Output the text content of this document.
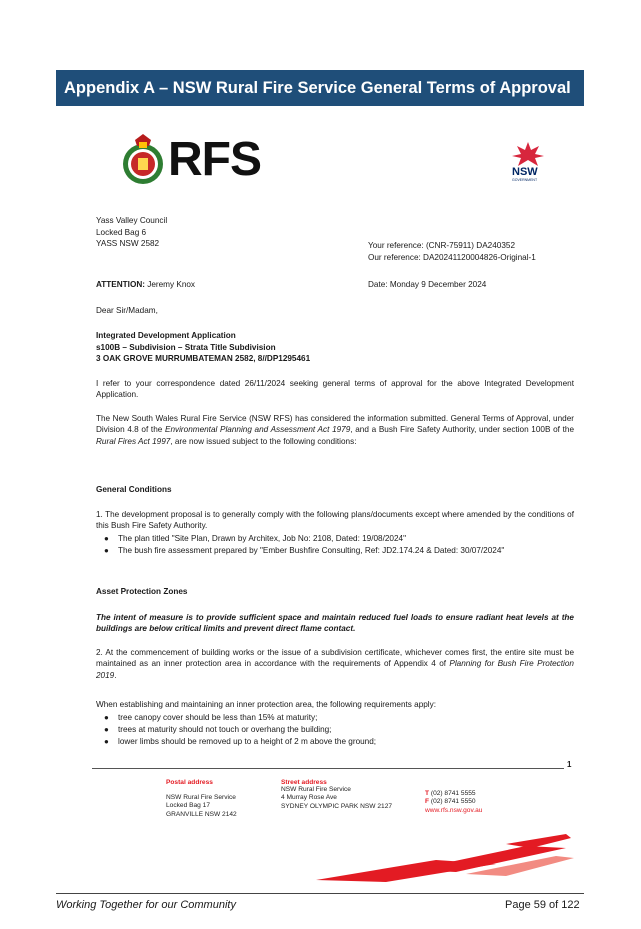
Appendix A – NSW Rural Fire Service General Terms of Approval
RFS	NSW
GOVERNMENT
Yass Valley Council
Locked Bag 6
YASS NSW 2582	Your reference: (CNR-75911) DA240352
Our reference: DA20241120004826-Original-1
ATTENTION: Jeremy Knox	Date: Monday 9 December 2024
Dear Sir/Madam,
Integrated Development Application
s100B – Subdivision – Strata Title Subdivision
3 OAK GROVE MURRUMBATEMAN 2582, 8//DP1295461
I refer to your correspondence dated 26/11/2024 seeking general terms of approval for the above Integrated Development Application.
The New South Wales Rural Fire Service (NSW RFS) has considered the information submitted. General Terms of Approval, under Division 4.8 of the Environmental Planning and Assessment Act 1979, and a Bush Fire Safety Authority, under section 100B of the Rural Fires Act 1997, are now issued subject to the following conditions:
General Conditions
1. The development proposal is to generally comply with the following plans/documents except where amended by the conditions of this Bush Fire Safety Authority.
● The plan titled "Site Plan, Drawn by Architex, Job No: 2108, Dated: 19/08/2024"
● The bush fire assessment prepared by "Ember Bushfire Consulting, Ref: JD2.174.24 & Dated: 30/07/2024"
Asset Protection Zones
The intent of measure is to provide sufficient space and maintain reduced fuel loads to ensure radiant heat levels at the buildings are below critical limits and prevent direct flame contact.
2. At the commencement of building works or the issue of a subdivision certificate, whichever comes first, the entire site must be maintained as an inner protection area in accordance with the requirements of Appendix 4 of Planning for Bush Fire Protection 2019.
When establishing and maintaining an inner protection area, the following requirements apply:
● tree canopy cover should be less than 15% at maturity;
● trees at maturity should not touch or overhang the building;
● lower limbs should be removed up to a height of 2 m above the ground;
1
Postal address
NSW Rural Fire Service
Locked Bag 17
GRANVILLE NSW 2142
Street address
NSW Rural Fire Service
4 Murray Rose Ave
SYDNEY OLYMPIC PARK NSW 2127
T (02) 8741 5555
F (02) 8741 5550
www.rfs.nsw.gov.au
Working Together for our Community	Page 59 of 122
